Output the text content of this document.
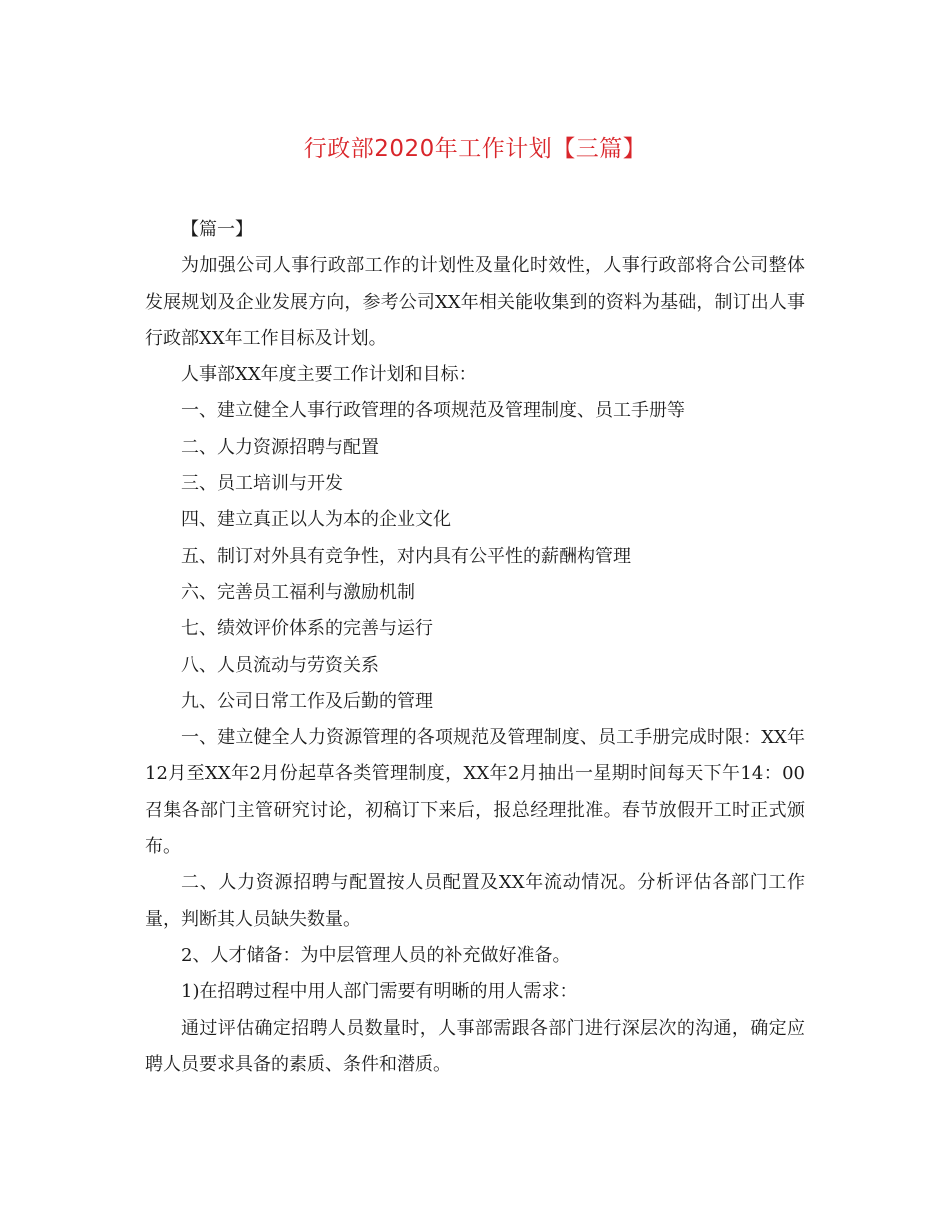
行政部2020年工作计划【三篇】

【篇一】

为加强公司人事行政部工作的计划性及量化时效性，人事行政部将合公司整体发展规划及企业发展方向，参考公司XX年相关能收集到的资料为基础，制订出人事行政部XX年工作目标及计划。

人事部XX年度主要工作计划和目标：

一、建立健全人事行政管理的各项规范及管理制度、员工手册等

二、人力资源招聘与配置

三、员工培训与开发

四、建立真正以人为本的企业文化

五、制订对外具有竞争性，对内具有公平性的薪酬构管理

六、完善员工福利与激励机制

七、绩效评价体系的完善与运行

八、人员流动与劳资关系

九、公司日常工作及后勤的管理

一、建立健全人力资源管理的各项规范及管理制度、员工手册完成时限：XX年12月至XX年2月份起草各类管理制度，XX年2月抽出一星期时间每天下午14：00召集各部门主管研究讨论，初稿订下来后，报总经理批准。春节放假开工时正式颁布。

二、人力资源招聘与配置按人员配置及XX年流动情况。分析评估各部门工作量，判断其人员缺失数量。

2、人才储备：为中层管理人员的补充做好准备。

1)在招聘过程中用人部门需要有明晰的用人需求：

通过评估确定招聘人员数量时，人事部需跟各部门进行深层次的沟通，确定应聘人员要求具备的素质、条件和潜质。
